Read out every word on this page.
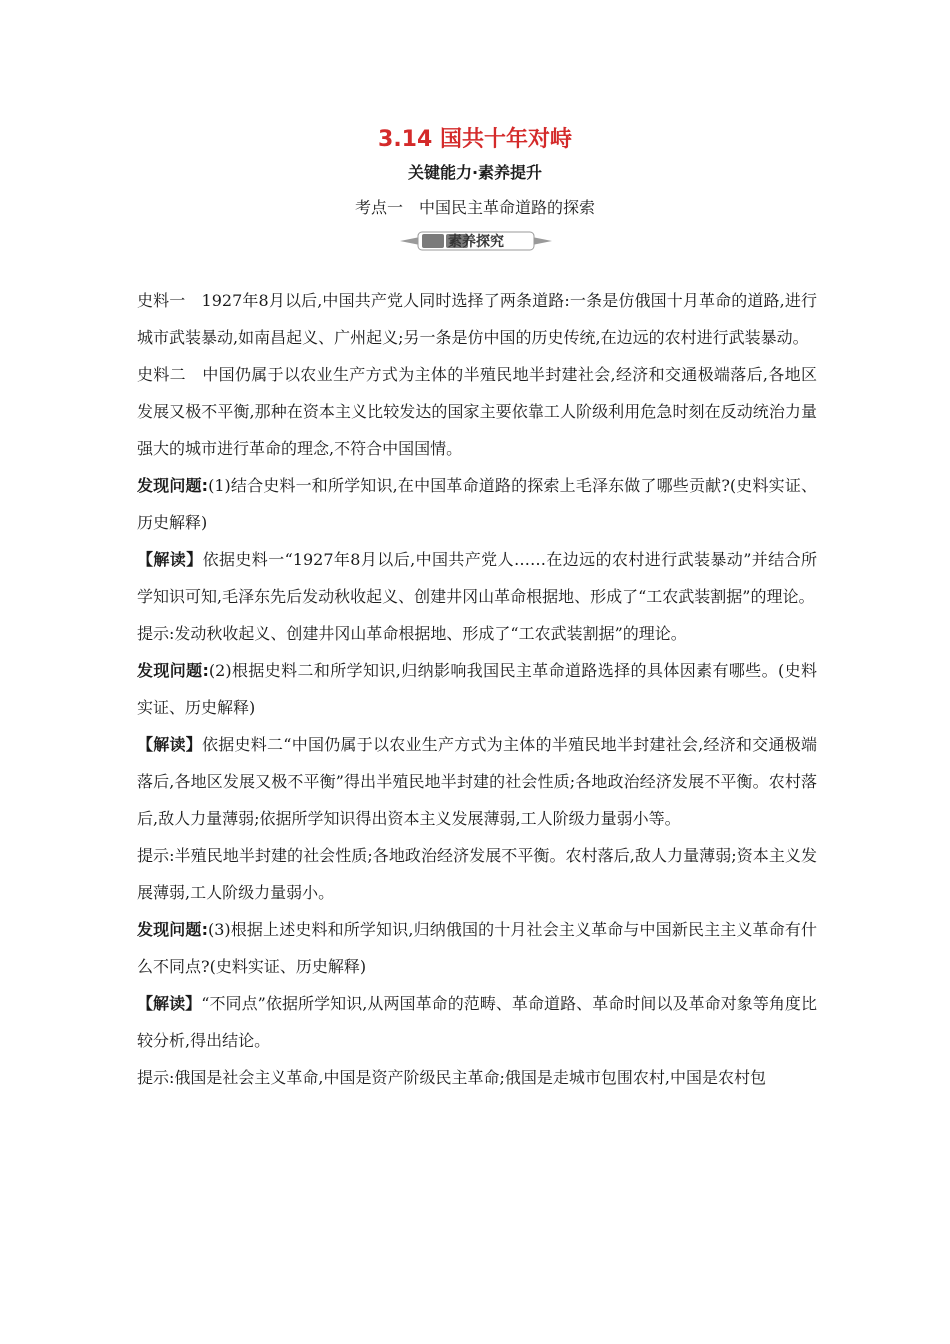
3.14 国共十年对峙
关键能力·素养提升
考点一　中国民主革命道路的探索
素养探究

史料一　1927年8月以后,中国共产党人同时选择了两条道路:一条是仿俄国十月革命的道路,进行城市武装暴动,如南昌起义、广州起义;另一条是仿中国的历史传统,在边远的农村进行武装暴动。

史料二　中国仍属于以农业生产方式为主体的半殖民地半封建社会,经济和交通极端落后,各地区发展又极不平衡,那种在资本主义比较发达的国家主要依靠工人阶级利用危急时刻在反动统治力量强大的城市进行革命的理念,不符合中国国情。

发现问题:(1)结合史料一和所学知识,在中国革命道路的探索上毛泽东做了哪些贡献?(史料实证、历史解释)

【解读】依据史料一“1927年8月以后,中国共产党人……在边远的农村进行武装暴动”并结合所学知识可知,毛泽东先后发动秋收起义、创建井冈山革命根据地、形成了“工农武装割据”的理论。

提示:发动秋收起义、创建井冈山革命根据地、形成了“工农武装割据”的理论。

发现问题:(2)根据史料二和所学知识,归纳影响我国民主革命道路选择的具体因素有哪些。(史料实证、历史解释)

【解读】依据史料二“中国仍属于以农业生产方式为主体的半殖民地半封建社会,经济和交通极端落后,各地区发展又极不平衡”得出半殖民地半封建的社会性质;各地政治经济发展不平衡。农村落后,敌人力量薄弱;依据所学知识得出资本主义发展薄弱,工人阶级力量弱小等。

提示:半殖民地半封建的社会性质;各地政治经济发展不平衡。农村落后,敌人力量薄弱;资本主义发展薄弱,工人阶级力量弱小。

发现问题:(3)根据上述史料和所学知识,归纳俄国的十月社会主义革命与中国新民主主义革命有什么不同点?(史料实证、历史解释)

【解读】“不同点”依据所学知识,从两国革命的范畴、革命道路、革命时间以及革命对象等角度比较分析,得出结论。

提示:俄国是社会主义革命,中国是资产阶级民主革命;俄国是走城市包围农村,中国是农村包
